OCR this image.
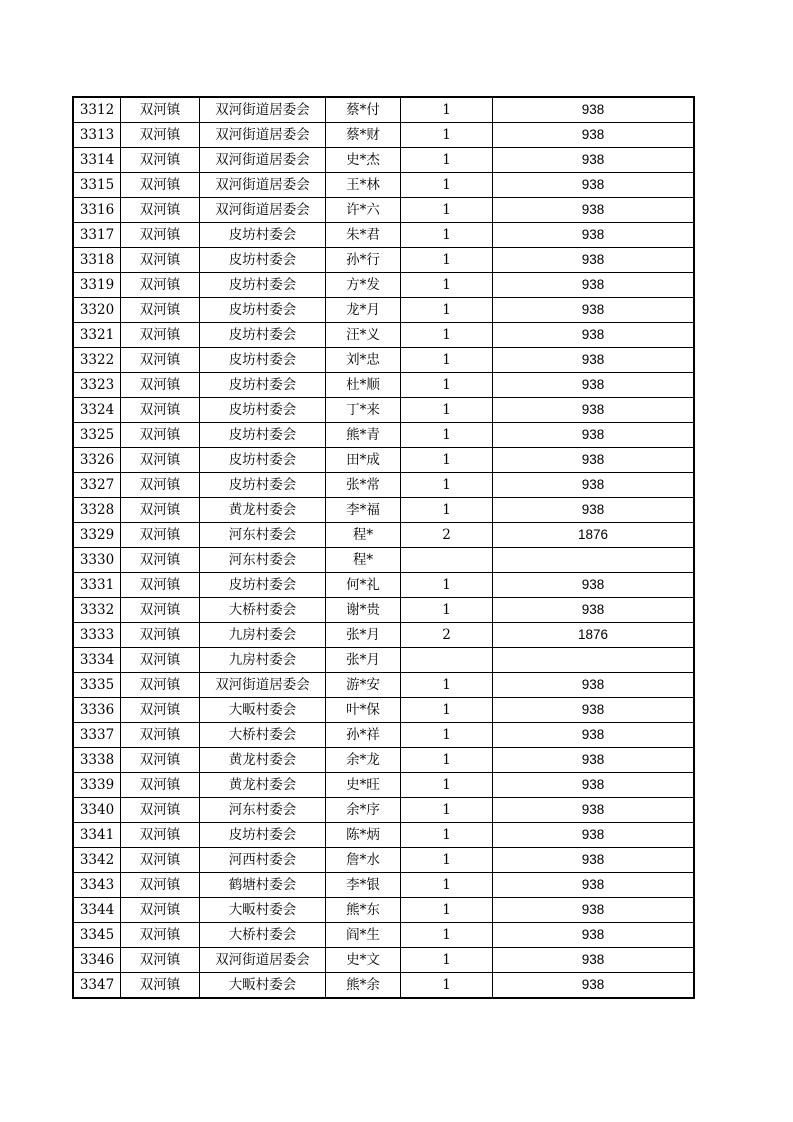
3312	双河镇	双河街道居委会	蔡*付	1	938
3313	双河镇	双河街道居委会	蔡*财	1	938
3314	双河镇	双河街道居委会	史*杰	1	938
3315	双河镇	双河街道居委会	王*林	1	938
3316	双河镇	双河街道居委会	许*六	1	938
3317	双河镇	皮坊村委会	朱*君	1	938
3318	双河镇	皮坊村委会	孙*行	1	938
3319	双河镇	皮坊村委会	方*发	1	938
3320	双河镇	皮坊村委会	龙*月	1	938
3321	双河镇	皮坊村委会	汪*义	1	938
3322	双河镇	皮坊村委会	刘*忠	1	938
3323	双河镇	皮坊村委会	杜*顺	1	938
3324	双河镇	皮坊村委会	丁*来	1	938
3325	双河镇	皮坊村委会	熊*青	1	938
3326	双河镇	皮坊村委会	田*成	1	938
3327	双河镇	皮坊村委会	张*常	1	938
3328	双河镇	黄龙村委会	李*福	1	938
3329	双河镇	河东村委会	程*	2	1876
3330	双河镇	河东村委会	程*		
3331	双河镇	皮坊村委会	何*礼	1	938
3332	双河镇	大桥村委会	谢*贵	1	938
3333	双河镇	九房村委会	张*月	2	1876
3334	双河镇	九房村委会	张*月		
3335	双河镇	双河街道居委会	游*安	1	938
3336	双河镇	大畈村委会	叶*保	1	938
3337	双河镇	大桥村委会	孙*祥	1	938
3338	双河镇	黄龙村委会	余*龙	1	938
3339	双河镇	黄龙村委会	史*旺	1	938
3340	双河镇	河东村委会	余*序	1	938
3341	双河镇	皮坊村委会	陈*炳	1	938
3342	双河镇	河西村委会	詹*水	1	938
3343	双河镇	鹤塘村委会	李*银	1	938
3344	双河镇	大畈村委会	熊*东	1	938
3345	双河镇	大桥村委会	阎*生	1	938
3346	双河镇	双河街道居委会	史*文	1	938
3347	双河镇	大畈村委会	熊*余	1	938
